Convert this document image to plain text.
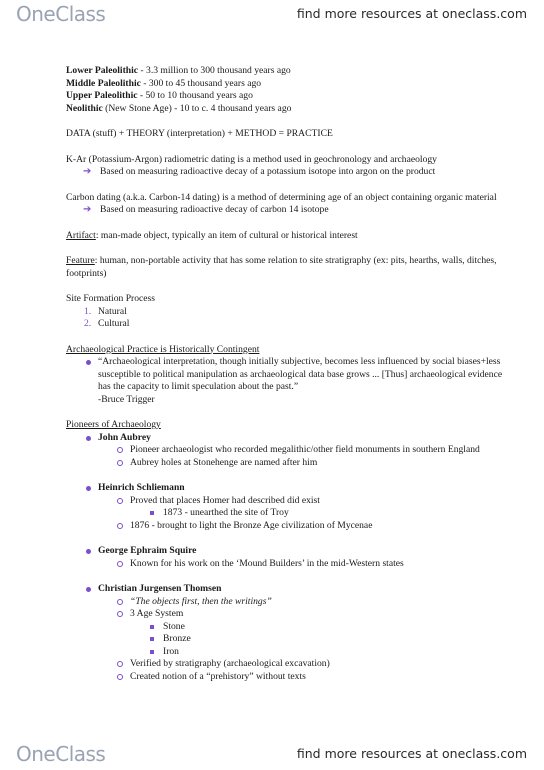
OneClass	find more resources at oneclass.com
Lower Paleolithic - 3.3 million to 300 thousand years ago
Middle Paleolithic - 300 to 45 thousand years ago
Upper Paleolithic - 50 to 10 thousand years ago
Neolithic (New Stone Age) - 10 to c. 4 thousand years ago
DATA (stuff) + THEORY (interpretation) + METHOD = PRACTICE
K-Ar (Potassium-Argon) radiometric dating is a method used in geochronology and archaeology
➔ Based on measuring radioactive decay of a potassium isotope into argon on the product
Carbon dating (a.k.a. Carbon-14 dating) is a method of determining age of an object containing organic material
➔ Based on measuring radioactive decay of carbon 14 isotope
Artifact: man-made object, typically an item of cultural or historical interest
Feature: human, non-portable activity that has some relation to site stratigraphy (ex: pits, hearths, walls, ditches, footprints)
Site Formation Process
1. Natural
2. Cultural
Archaeological Practice is Historically Contingent
“Archaeological interpretation, though initially subjective, becomes less influenced by social biases+less susceptible to political manipulation as archaeological data base grows ... [Thus] archaeological evidence has the capacity to limit speculation about the past.”
-Bruce Trigger
Pioneers of Archaeology
John Aubrey
Pioneer archaeologist who recorded megalithic/other field monuments in southern England
Aubrey holes at Stonehenge are named after him
Heinrich Schliemann
Proved that places Homer had described did exist
1873 - unearthed the site of Troy
1876 - brought to light the Bronze Age civilization of Mycenae
George Ephraim Squire
Known for his work on the ‘Mound Builders’ in the mid-Western states
Christian Jurgensen Thomsen
“The objects first, then the writings”
3 Age System
Stone
Bronze
Iron
Verified by stratigraphy (archaeological excavation)
Created notion of a “prehistory” without texts
OneClass	find more resources at oneclass.com
